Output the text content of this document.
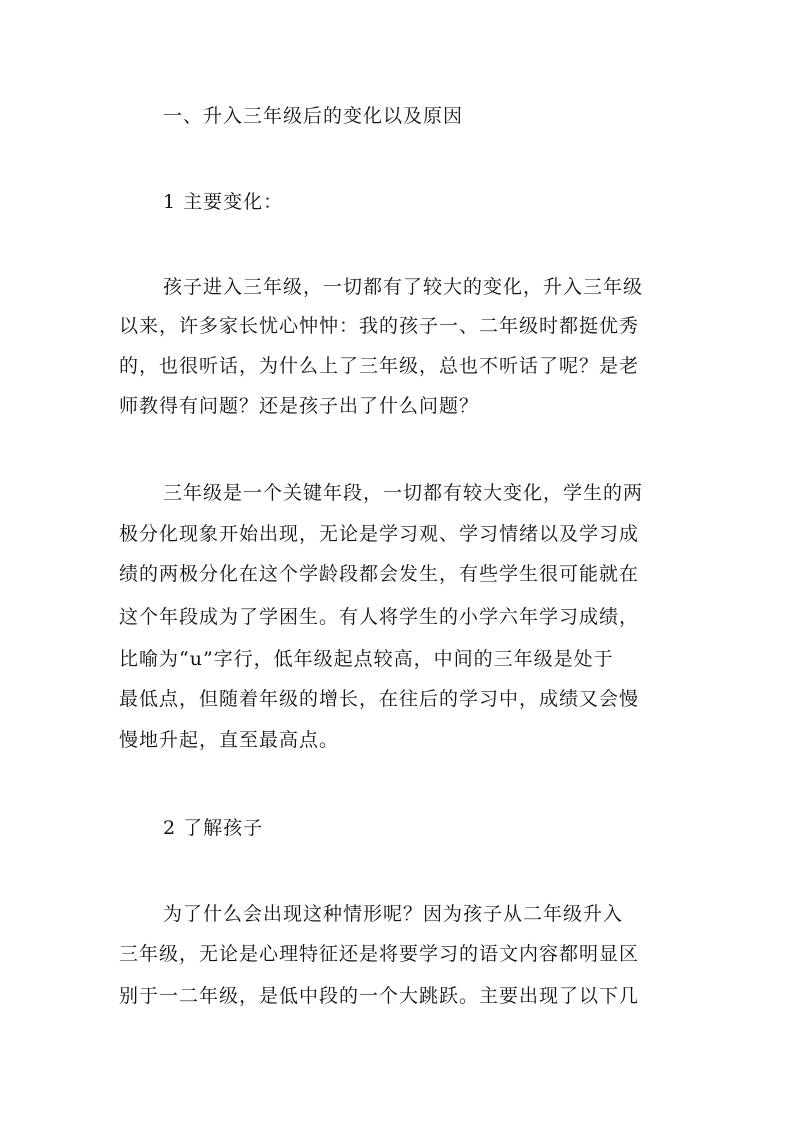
一、升入三年级后的变化以及原因
1 主要变化：
孩子进入三年级，一切都有了较大的变化，升入三年级
以来，许多家长忧心忡忡：我的孩子一、二年级时都挺优秀
的，也很听话，为什么上了三年级，总也不听话了呢？是老
师教得有问题？还是孩子出了什么问题？
三年级是一个关键年段，一切都有较大变化，学生的两
极分化现象开始出现，无论是学习观、学习情绪以及学习成
绩的两极分化在这个学龄段都会发生，有些学生很可能就在
这个年段成为了学困生。有人将学生的小学六年学习成绩，
比喻为“u”字行，低年级起点较高，中间的三年级是处于
最低点，但随着年级的增长，在往后的学习中，成绩又会慢
慢地升起，直至最高点。
2 了解孩子
为了什么会出现这种情形呢？因为孩子从二年级升入
三年级，无论是心理特征还是将要学习的语文内容都明显区
别于一二年级，是低中段的一个大跳跃。主要出现了以下几
